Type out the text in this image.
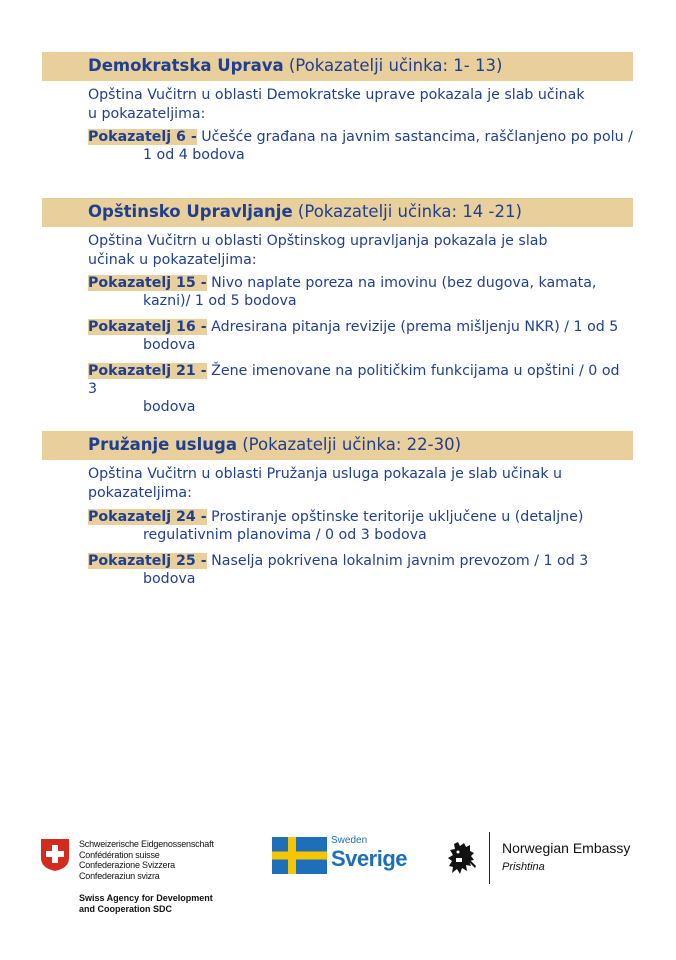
Demokratska Uprava (Pokazatelji učinka: 1- 13)
Opština Vučitrn u oblasti Demokratske uprave pokazala je slab učinak
u pokazateljima:
Pokazatelj 6 - Učešće građana na javnim sastancima, raščlanjeno po polu /
1 od 4 bodova
Opštinsko Upravljanje (Pokazatelji učinka: 14 -21)
Opština Vučitrn u oblasti Opštinskog upravljanja pokazala je slab
učinak u pokazateljima:
Pokazatelj 15 - Nivo naplate poreza na imovinu (bez dugova, kamata,
kazni)/ 1 od 5 bodova
Pokazatelj 16 - Adresirana pitanja revizije (prema mišljenju NKR) / 1 od 5
bodova
Pokazatelj 21 - Žene imenovane na političkim funkcijama u opštini / 0 od 3
bodova
Pružanje usluga (Pokazatelji učinka: 22-30)
Opština Vučitrn u oblasti Pružanja usluga pokazala je slab učinak u
pokazateljima:
Pokazatelj 24 - Prostiranje opštinske teritorije uključene u (detaljne)
regulativnim planovima / 0 od 3 bodova
Pokazatelj 25 - Naselja pokrivena lokalnim javnim prevozom / 1 od 3
bodova
Schweizerische Eidgenossenschaft
Confédération suisse
Confederazione Svizzera
Confederaziun svizra
Swiss Agency for Development
and Cooperation SDC
Sweden
Sverige	Norwegian Embassy
Prishtina
